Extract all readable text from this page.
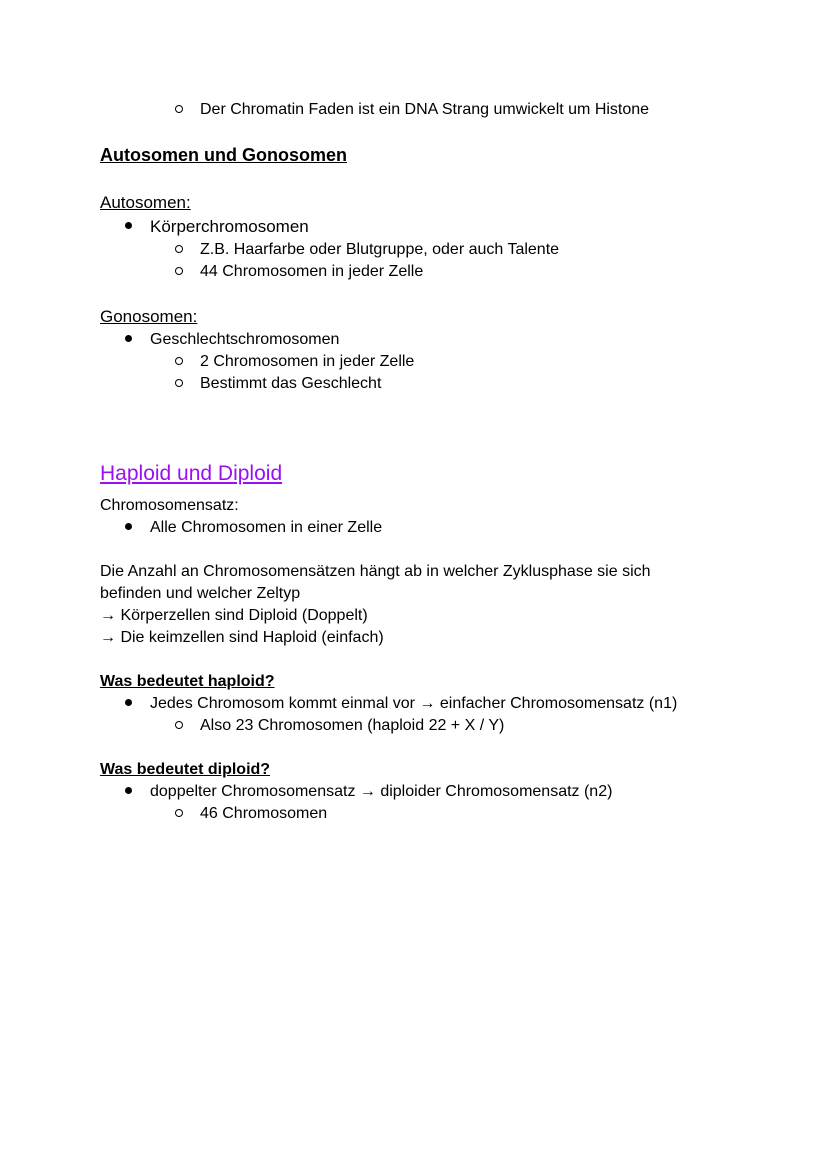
Der Chromatin Faden ist ein DNA Strang umwickelt um Histone
Autosomen und Gonosomen
Autosomen:
Körperchromosomen
Z.B. Haarfarbe oder Blutgruppe, oder auch Talente
44 Chromosomen in jeder Zelle
Gonosomen:
Geschlechtschromosomen
2 Chromosomen in jeder Zelle
Bestimmt das Geschlecht
Haploid und Diploid
Chromosomensatz:
Alle Chromosomen in einer Zelle
Die Anzahl an Chromosomensätzen hängt ab in welcher Zyklusphase sie sich
befinden und welcher Zeltyp
→ Körperzellen sind Diploid (Doppelt)
→ Die keimzellen sind Haploid (einfach)
Was bedeutet haploid?
Jedes Chromosom kommt einmal vor → einfacher Chromosomensatz (n1)
Also 23 Chromosomen (haploid 22 + X / Y)
Was bedeutet diploid?
doppelter Chromosomensatz → diploider Chromosomensatz (n2)
46 Chromosomen
